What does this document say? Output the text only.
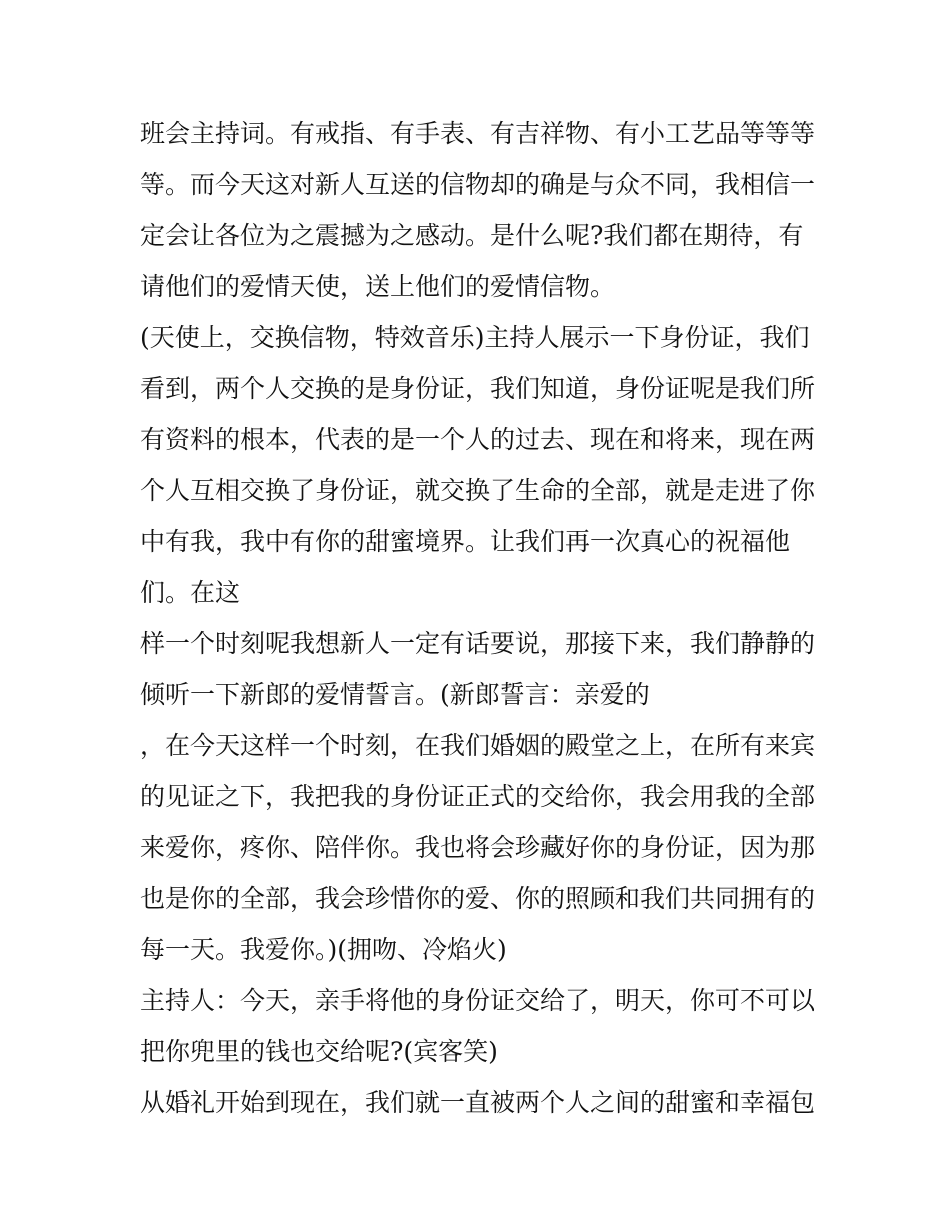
班会主持词。有戒指、有手表、有吉祥物、有小工艺品等等等
等。而今天这对新人互送的信物却的确是与众不同，我相信一
定会让各位为之震撼为之感动。是什么呢?我们都在期待，有
请他们的爱情天使，送上他们的爱情信物。
(天使上，交换信物，特效音乐)主持人展示一下身份证，我们
看到，两个人交换的是身份证，我们知道，身份证呢是我们所
有资料的根本，代表的是一个人的过去、现在和将来，现在两
个人互相交换了身份证，就交换了生命的全部，就是走进了你
中有我，我中有你的甜蜜境界。让我们再一次真心的祝福他
们。在这
样一个时刻呢我想新人一定有话要说，那接下来，我们静静的
倾听一下新郎的爱情誓言。(新郎誓言：亲爱的
，在今天这样一个时刻，在我们婚姻的殿堂之上，在所有来宾
的见证之下，我把我的身份证正式的交给你，我会用我的全部
来爱你，疼你、陪伴你。我也将会珍藏好你的身份证，因为那
也是你的全部，我会珍惜你的爱、你的照顾和我们共同拥有的
每一天。我爱你。)(拥吻、冷焰火)
主持人：今天，亲手将他的身份证交给了，明天，你可不可以
把你兜里的钱也交给呢?(宾客笑)
从婚礼开始到现在，我们就一直被两个人之间的甜蜜和幸福包
